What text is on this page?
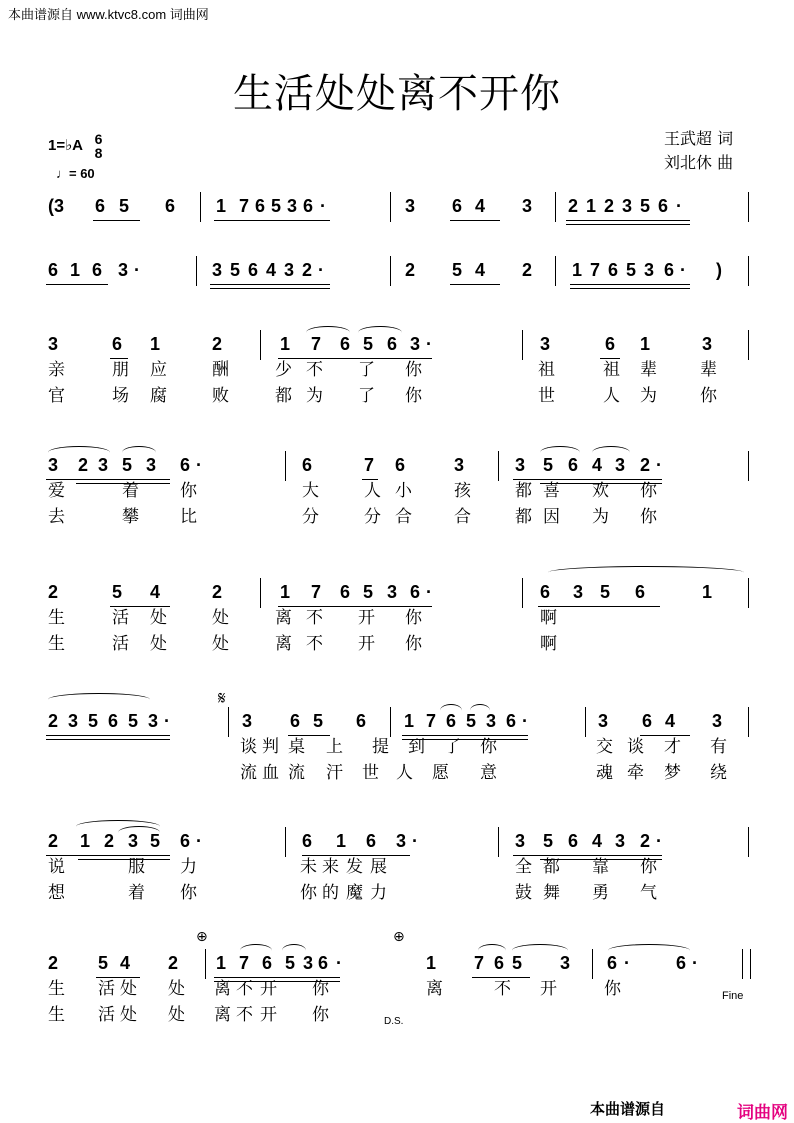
本曲谱源自 www.ktvc8.com 词曲网
生活处处离不开你
王武超 词
刘北休 曲
1=♭A 6
8
♩= 60
(3 6 5 6 1 7 6 5 3 6 ·	3 6 4 3 2 1 2 3 5 6 ·
6 1 6 3 ·	3 5 6 4 3 2 ·	2 5 4 2 1 7 6 5 3 6 · )
3	6 1	2	1 7 6 5 6 3 ·	3	6 1	3
3 2 3 5 3 6 ·	6	7 6	3	3 5 6 4 3 2 ·
2	5 4	2	1 7 6 5 3 6 ·	6 3 5 6	1
2 3 5 6 5 3 ·	3 6 5 6 1 7 6 5 3 6 ·	3 6 4 3
2 1 2 3 5 6 ·	6 1 6 3 ·	3 5 6 4 3 2 ·
2 5 4 2 1 7 6 5 3 6 ·	1 7 6 5 3 6 ·	6 ·
亲	朋 应	酬	少 不 了 你	祖	祖 辈	辈
官	场 腐	败	都 为 了 你	世	人 为	你
爱	着 你	大	人 小 孩	都 喜 欢 你
去	攀 比	分	分 合 合	都 因 为 你
生	活 处	处	离 不 开 你	啊
生	活 处	处	离 不 开 你	啊
谈 判 桌 上 提 到 了 你	交 谈 才 有
流 血 流 汗 世 人 愿 意	魂 牵 梦 绕
说	服 力	未 来 发 展	全 都 靠 你
想	着 你	你 的 魔 力	鼓 舞 勇 气
生 活 处 处 离 不 开 你	离	不 开	你
生 活 处 处 离 不 开 你
𝄋
⊕	⊕
Fine
D.S.
本曲谱源自	词曲网
